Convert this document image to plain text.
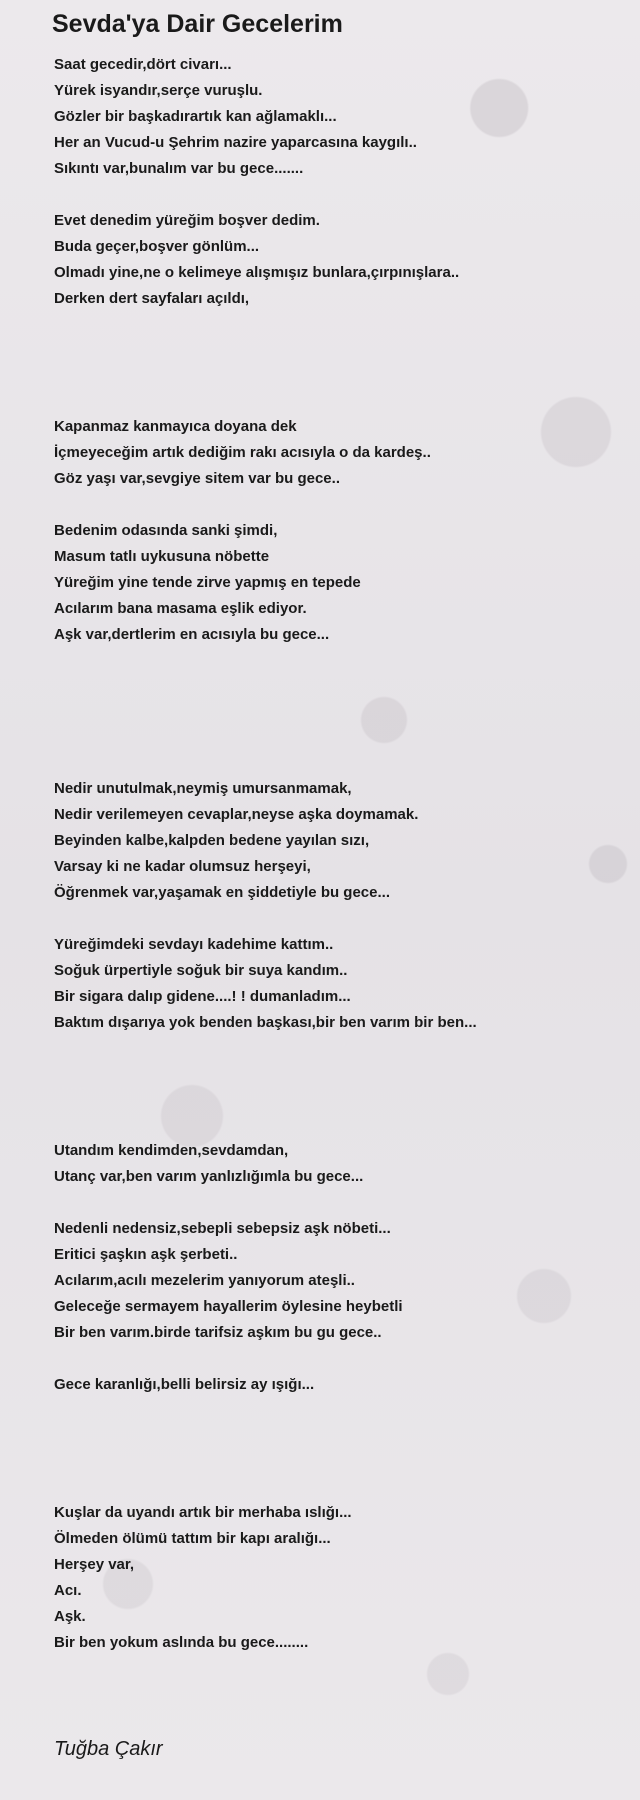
Sevda'ya Dair Gecelerim
Saat gecedir,dört civarı...
Yürek isyandır,serçe vuruşlu.
Gözler bir başkadırartık kan ağlamaklı...
Her an Vucud-u Şehrim nazire yaparcasına kaygılı..
Sıkıntı var,bunalım var bu gece.......
Evet denedim yüreğim boşver dedim.
Buda geçer,boşver gönlüm...
Olmadı yine,ne o kelimeye alışmışız bunlara,çırpınışlara..
Derken dert sayfaları açıldı,
Kapanmaz kanmayıca doyana dek
İçmeyeceğim artık dediğim rakı acısıyla o da kardeş..
Göz yaşı var,sevgiye sitem var bu gece..
Bedenim odasında sanki şimdi,
Masum tatlı uykusuna nöbette
Yüreğim yine tende zirve yapmış en tepede
Acılarım bana masama eşlik ediyor.
Aşk var,dertlerim en acısıyla bu gece...
Nedir unutulmak,neymiş umursanmamak,
Nedir verilemeyen cevaplar,neyse aşka doymamak.
Beyinden kalbe,kalpden bedene yayılan sızı,
Varsay ki ne kadar olumsuz herşeyi,
Öğrenmek var,yaşamak en şiddetiyle bu gece...
Yüreğimdeki sevdayı kadehime kattım..
Soğuk ürpertiyle soğuk bir suya kandım..
Bir sigara dalıp gidene....! ! dumanladım...
Baktım dışarıya yok benden başkası,bir ben varım bir ben...
Utandım kendimden,sevdamdan,
Utanç var,ben varım yanlızlığımla bu gece...
Nedenli nedensiz,sebepli sebepsiz aşk nöbeti...
Eritici şaşkın aşk şerbeti..
Acılarım,acılı mezelerim yanıyorum ateşli..
Geleceğe sermayem hayallerim öylesine heybetli
Bir ben varım.birde tarifsiz aşkım bu gu gece..
Gece karanlığı,belli belirsiz ay ışığı...
Kuşlar da uyandı artık bir merhaba ıslığı...
Ölmeden ölümü tattım bir kapı aralığı...
Herşey var,
Acı.
Aşk.
Bir ben yokum aslında bu gece........
Tuğba Çakır
